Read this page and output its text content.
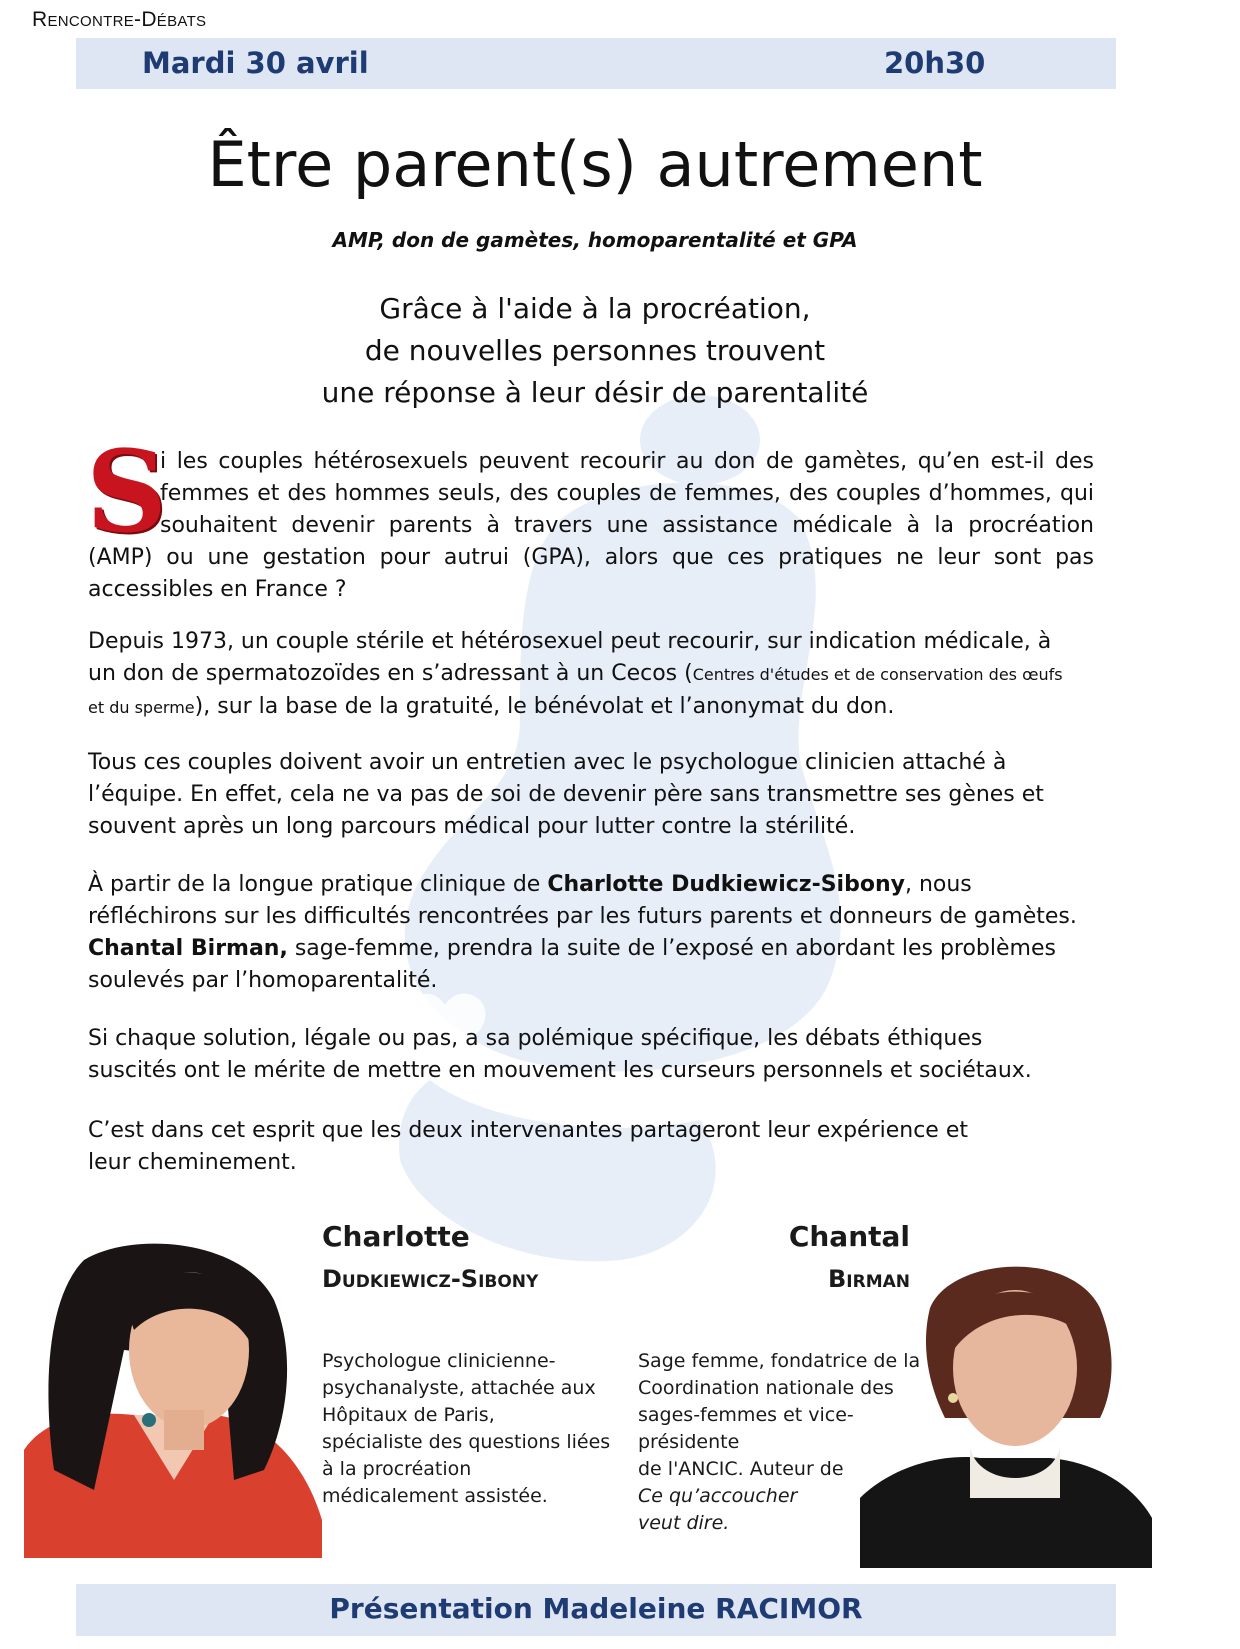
Rencontre-Débats
Mardi 30 avril	20h30
Être parent(s) autrement
AMP, don de gamètes, homoparentalité et GPA
Grâce à l'aide à la procréation,
de nouvelles personnes trouvent
une réponse à leur désir de parentalité
S
i les couples hétérosexuels peuvent recourir au don de gamètes, qu’en est-il des
femmes et des hommes seuls, des couples de femmes, des couples d’hommes, qui
souhaitent devenir parents à travers une assistance médicale à la procréation
(AMP) ou une gestation pour autrui (GPA), alors que ces pratiques ne leur sont pas
accessibles en France ?
Depuis 1973, un couple stérile et hétérosexuel peut recourir, sur indication médicale, à un don de spermatozoïdes en s’adressant à un Cecos (Centres d'études et de conservation des œufs et du sperme), sur la base de la gratuité, le bénévolat et l’anonymat du don.
Tous ces couples doivent avoir un entretien avec le psychologue clinicien attaché à l’équipe. En effet, cela ne va pas de soi de devenir père sans transmettre ses gènes et souvent après un long parcours médical pour lutter contre la stérilité.
À partir de la longue pratique clinique de Charlotte Dudkiewicz-Sibony, nous réfléchirons sur les difficultés rencontrées par les futurs parents et donneurs de gamètes.
Chantal Birman, sage-femme, prendra la suite de l’exposé en abordant les problèmes soulevés par l’homoparentalité.
Si chaque solution, légale ou pas, a sa polémique spécifique, les débats éthiques suscités ont le mérite de mettre en mouvement les curseurs personnels et sociétaux.
C’est dans cet esprit que les deux intervenantes partageront leur expérience et leur cheminement.
Charlotte
Dudkiewicz-Sibony
Psychologue clinicienne-
psychanalyste, attachée aux
Hôpitaux de Paris,
spécialiste des questions liées
à la procréation
médicalement assistée.
Chantal
Birman
Sage femme, fondatrice de la
Coordination nationale des
sages-femmes et vice-présidente
de l'ANCIC. Auteur de
Ce qu’accoucher
veut dire.
Présentation Madeleine RACIMOR
